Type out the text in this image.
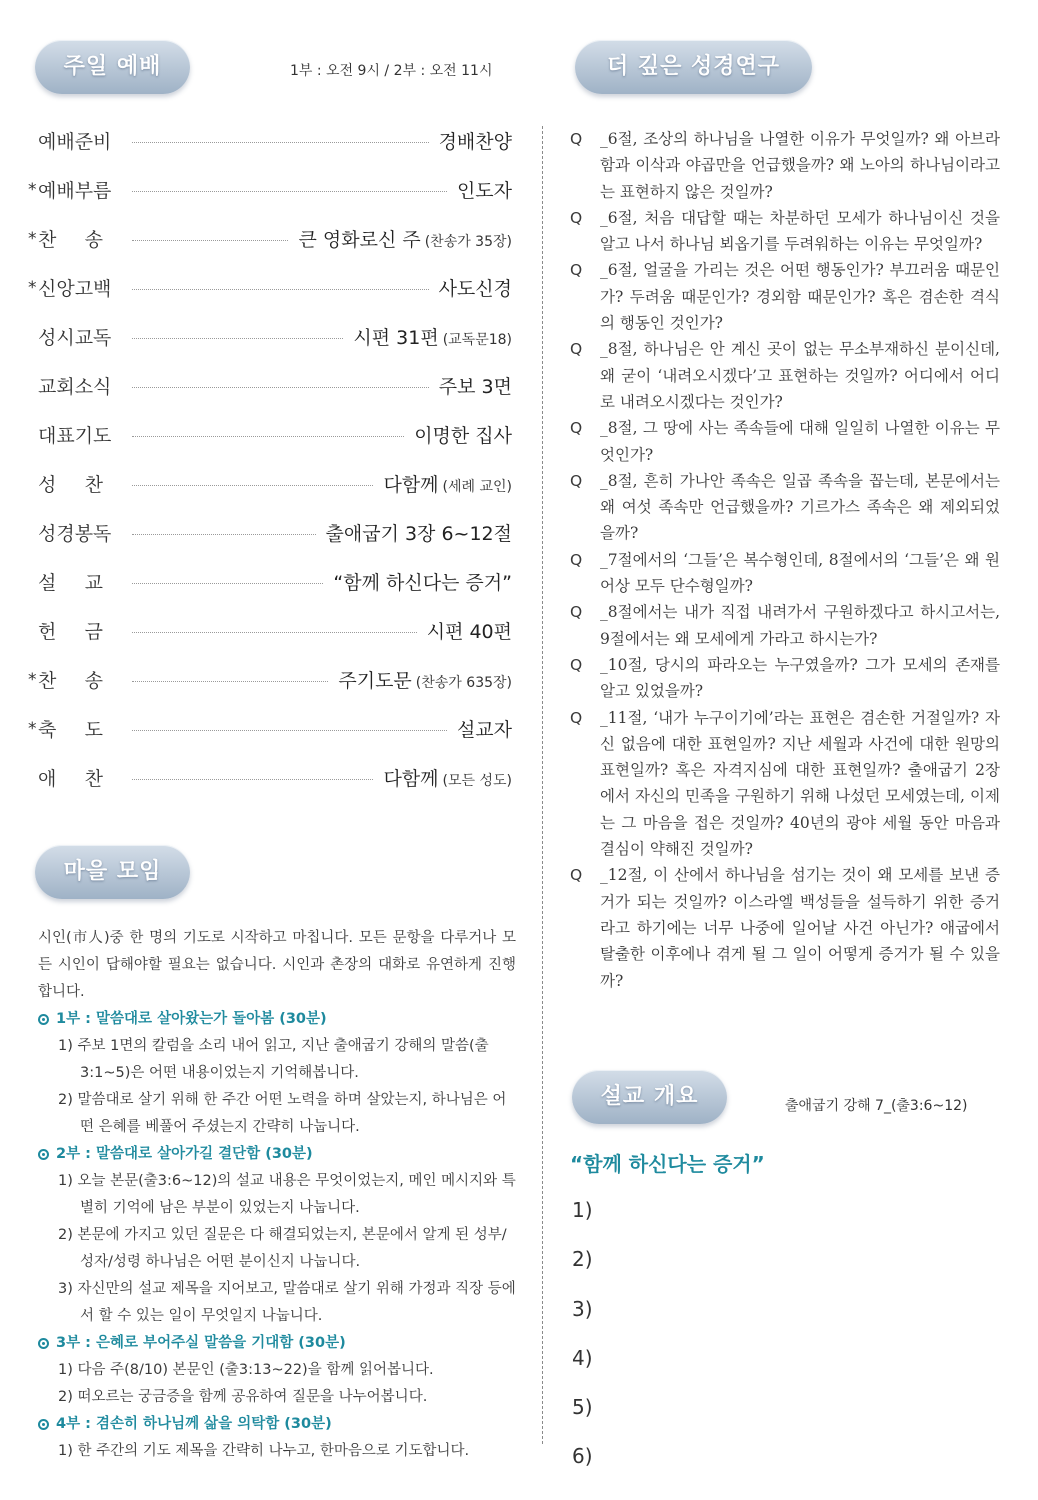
주일 예배	1부 : 오전 9시 / 2부 : 오전 11시
예배준비	경배찬양
* 예배부름	인도자
* 찬 송	큰 영화로신 주 (찬송가 35장)
* 신앙고백	사도신경
성시교독	시편 31편 (교독문18)
교회소식	주보 3면
대표기도	이명한 집사
성 찬	다함께 (세례 교인)
성경봉독	출애굽기 3장 6~12절
설 교	“함께 하신다는 증거”
헌 금	시편 40편
* 찬 송	주기도문 (찬송가 635장)
* 축 도	설교자
애 찬	다함께 (모든 성도)
마을 모임

시인(市人)중 한 명의 기도로 시작하고 마칩니다. 모든 문항을 다루거나 모든 시인이 답해야할 필요는 없습니다. 시인과 촌장의 대화로 유연하게 진행합니다.

1부 : 말씀대로 살아왔는가 돌아봄 (30분)

1) 주보 1면의 칼럼을 소리 내어 읽고, 지난 출애굽기 강해의 말씀(출3:1~5)은 어떤 내용이었는지 기억해봅니다.

2) 말씀대로 살기 위해 한 주간 어떤 노력을 하며 살았는지, 하나님은 어떤 은혜를 베풀어 주셨는지 간략히 나눕니다.

2부 : 말씀대로 살아가길 결단함 (30분)

1) 오늘 본문(출3:6~12)의 설교 내용은 무엇이었는지, 메인 메시지와 특별히 기억에 남은 부분이 있었는지 나눕니다.

2) 본문에 가지고 있던 질문은 다 해결되었는지, 본문에서 알게 된 성부/성자/성령 하나님은 어떤 분이신지 나눕니다.

3) 자신만의 설교 제목을 지어보고, 말씀대로 살기 위해 가정과 직장 등에서 할 수 있는 일이 무엇일지 나눕니다.

3부 : 은혜로 부어주실 말씀을 기대함 (30분)

1) 다음 주(8/10) 본문인 (출3:13~22)을 함께 읽어봅니다.

2) 떠오르는 궁금증을 함께 공유하여 질문을 나누어봅니다.

4부 : 겸손히 하나님께 삶을 의탁함 (30분)

1) 한 주간의 기도 제목을 간략히 나누고, 한마음으로 기도합니다.

더 깊은 성경연구
Q _6절, 조상의 하나님을 나열한 이유가 무엇일까? 왜 아브라함과 이삭과 야곱만을 언급했을까? 왜 노아의 하나님이라고는 표현하지 않은 것일까?
Q _6절, 처음 대답할 때는 차분하던 모세가 하나님이신 것을 알고 나서 하나님 뵈옵기를 두려워하는 이유는 무엇일까?
Q _6절, 얼굴을 가리는 것은 어떤 행동인가? 부끄러움 때문인가? 두려움 때문인가? 경외함 때문인가? 혹은 겸손한 격식의 행동인 것인가?
Q _8절, 하나님은 안 계신 곳이 없는 무소부재하신 분이신데, 왜 굳이 ‘내려오시겠다’고 표현하는 것일까? 어디에서 어디로 내려오시겠다는 것인가?
Q _8절, 그 땅에 사는 족속들에 대해 일일히 나열한 이유는 무엇인가?
Q _8절, 흔히 가나안 족속은 일곱 족속을 꼽는데, 본문에서는 왜 여섯 족속만 언급했을까? 기르가스 족속은 왜 제외되었을까?
Q _7절에서의 ‘그들’은 복수형인데, 8절에서의 ‘그들’은 왜 원어상 모두 단수형일까?
Q _8절에서는 내가 직접 내려가서 구원하겠다고 하시고서는, 9절에서는 왜 모세에게 가라고 하시는가?
Q _10절, 당시의 파라오는 누구였을까? 그가 모세의 존재를 알고 있었을까?
Q _11절, ‘내가 누구이기에’라는 표현은 겸손한 거절일까? 자신 없음에 대한 표현일까? 지난 세월과 사건에 대한 원망의 표현일까? 혹은 자격지심에 대한 표현일까? 출애굽기 2장에서 자신의 민족을 구원하기 위해 나섰던 모세였는데, 이제는 그 마음을 접은 것일까? 40년의 광야 세월 동안 마음과 결심이 약해진 것일까?
Q _12절, 이 산에서 하나님을 섬기는 것이 왜 모세를 보낸 증거가 되는 것일까? 이스라엘 백성들을 설득하기 위한 증거라고 하기에는 너무 나중에 일어날 사건 아닌가? 애굽에서 탈출한 이후에나 겪게 될 그 일이 어떻게 증거가 될 수 있을까?
설교 개요	출애굽기 강해 7_(출3:6~12)
“함께 하신다는 증거”
1)
2)
3)
4)
5)
6)
